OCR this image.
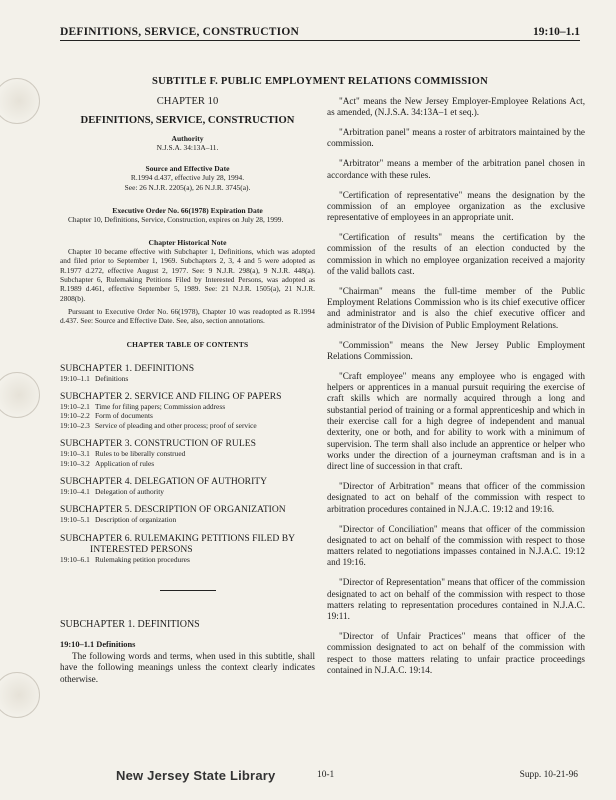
DEFINITIONS, SERVICE, CONSTRUCTION	19:10–1.1
SUBTITLE F. PUBLIC EMPLOYMENT RELATIONS COMMISSION
CHAPTER 10
DEFINITIONS, SERVICE, CONSTRUCTION
Authority
N.J.S.A. 34:13A–11.
Source and Effective Date
R.1994 d.437, effective July 28, 1994.
See: 26 N.J.R. 2205(a), 26 N.J.R. 3745(a).
Executive Order No. 66(1978) Expiration Date
Chapter 10, Definitions, Service, Construction, expires on July 28, 1999.
Chapter Historical Note
Chapter 10 became effective with Subchapter 1, Definitions, which was adopted and filed prior to September 1, 1969. Subchapters 2, 3, 4 and 5 were adopted as R.1977 d.272, effective August 2, 1977. See: 9 N.J.R. 298(a), 9 N.J.R. 448(a). Subchapter 6, Rulemaking Petitions Filed by Interested Persons, was adopted as R.1989 d.461, effective September 5, 1989. See: 21 N.J.R. 1505(a), 21 N.J.R. 2808(b).
Pursuant to Executive Order No. 66(1978), Chapter 10 was readopted as R.1994 d.437. See: Source and Effective Date. See, also, section annotations.
CHAPTER TABLE OF CONTENTS
SUBCHAPTER 1. DEFINITIONS
19:10–1.1 Definitions
SUBCHAPTER 2. SERVICE AND FILING OF PAPERS
19:10–2.1 Time for filing papers; Commission address
19:10–2.2 Form of documents
19:10–2.3 Service of pleading and other process; proof of service
SUBCHAPTER 3. CONSTRUCTION OF RULES
19:10–3.1 Rules to be liberally construed
19:10–3.2 Application of rules
SUBCHAPTER 4. DELEGATION OF AUTHORITY
19:10–4.1 Delegation of authority
SUBCHAPTER 5. DESCRIPTION OF ORGANIZATION
19:10–5.1 Description of organization
SUBCHAPTER 6. RULEMAKING PETITIONS FILED BY
INTERESTED PERSONS
19:10–6.1 Rulemaking petition procedures
SUBCHAPTER 1. DEFINITIONS
19:10–1.1 Definitions

The following words and terms, when used in this subtitle, shall have the following meanings unless the context clearly indicates otherwise.

"Act" means the New Jersey Employer-Employee Relations Act, as amended, (N.J.S.A. 34:13A–1 et seq.).

"Arbitration panel" means a roster of arbitrators maintained by the commission.

"Arbitrator" means a member of the arbitration panel chosen in accordance with these rules.

"Certification of representative" means the designation by the commission of an employee organization as the exclusive representative of employees in an appropriate unit.

"Certification of results" means the certification by the commission of the results of an election conducted by the commission in which no employee organization received a majority of the valid ballots cast.

"Chairman" means the full-time member of the Public Employment Relations Commission who is its chief executive officer and administrator and is also the chief executive officer and administrator of the Division of Public Employment Relations.

"Commission" means the New Jersey Public Employment Relations Commission.

"Craft employee" means any employee who is engaged with helpers or apprentices in a manual pursuit requiring the exercise of craft skills which are normally acquired through a long and substantial period of training or a formal apprenticeship and which in their exercise call for a high degree of independent and manual dexterity, one or both, and for ability to work with a minimum of supervision. The term shall also include an apprentice or helper who works under the direction of a journeyman craftsman and is in a direct line of succession in that craft.

"Director of Arbitration" means that officer of the commission designated to act on behalf of the commission with respect to arbitration procedures contained in N.J.A.C. 19:12 and 19:16.

"Director of Conciliation" means that officer of the commission designated to act on behalf of the commission with respect to those matters related to negotiations impasses contained in N.J.A.C. 19:12 and 19:16.

"Director of Representation" means that officer of the commission designated to act on behalf of the commission with respect to those matters relating to representation procedures contained in N.J.A.C. 19:11.

"Director of Unfair Practices" means that officer of the commission designated to act on behalf of the commission with respect to those matters relating to unfair practice proceedings contained in N.J.A.C. 19:14.

New Jersey State Library	10-1	Supp. 10-21-96
